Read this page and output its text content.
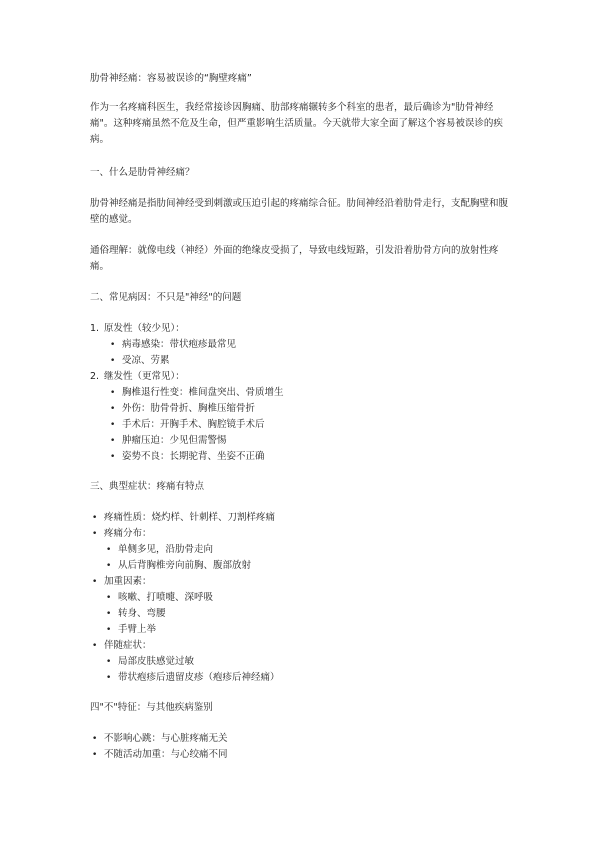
肋骨神经痛：容易被误诊的“胸壁疼痛”

作为一名疼痛科医生，我经常接诊因胸痛、肋部疼痛辗转多个科室的患者，最后确诊为"肋骨神经痛"。这种疼痛虽然不危及生命，但严重影响生活质量。今天就带大家全面了解这个容易被误诊的疾病。

一、什么是肋骨神经痛？

肋骨神经痛是指肋间神经受到刺激或压迫引起的疼痛综合征。肋间神经沿着肋骨走行，支配胸壁和腹壁的感觉。

通俗理解：就像电线（神经）外面的绝缘皮受损了，导致电线短路，引发沿着肋骨方向的放射性疼痛。

二、常见病因：不只是"神经"的问题

1. 原发性（较少见）：
• 病毒感染：带状疱疹最常见
• 受凉、劳累
2. 继发性（更常见）：
• 胸椎退行性变：椎间盘突出、骨质增生
• 外伤：肋骨骨折、胸椎压缩骨折
• 手术后：开胸手术、胸腔镜手术后
• 肿瘤压迫：少见但需警惕
• 姿势不良：长期驼背、坐姿不正确

三、典型症状：疼痛有特点

• 疼痛性质：烧灼样、针刺样、刀割样疼痛
• 疼痛分布：
• 单侧多见，沿肋骨走向
• 从后背胸椎旁向前胸、腹部放射
• 加重因素：
• 咳嗽、打喷嚏、深呼吸
• 转身、弯腰
• 手臂上举
• 伴随症状：
• 局部皮肤感觉过敏
• 带状疱疹后遗留皮疹（疱疹后神经痛）

四"不"特征：与其他疾病鉴别

• 不影响心跳：与心脏疼痛无关
• 不随活动加重：与心绞痛不同
